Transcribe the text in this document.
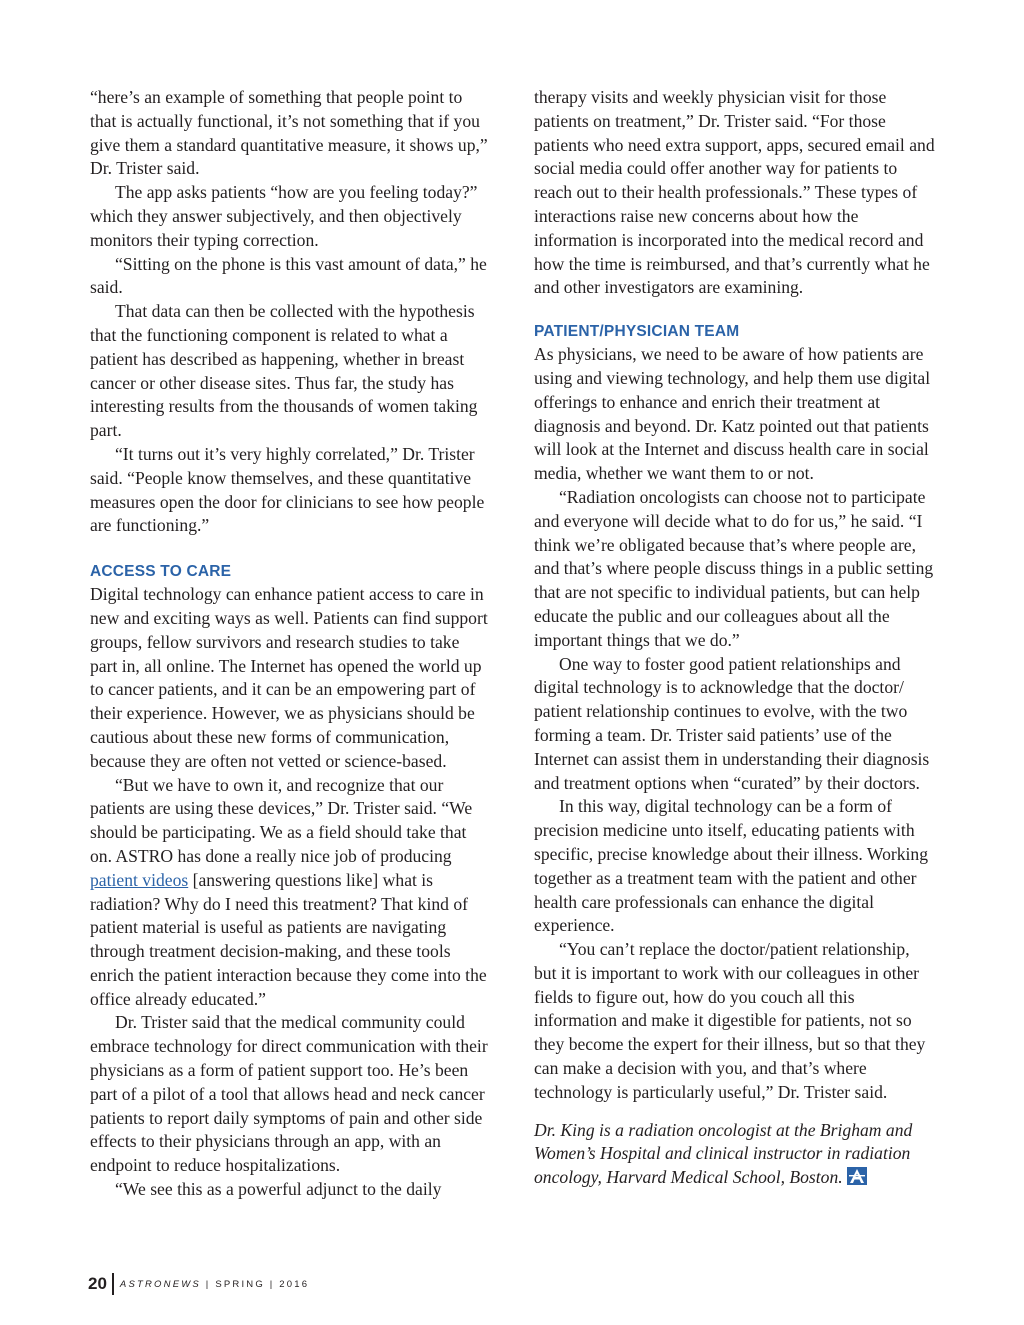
“here’s an example of something that people point to that is actually functional, it’s not something that if you give them a standard quantitative measure, it shows up,” Dr. Trister said.

The app asks patients “how are you feeling today?” which they answer subjectively, and then objectively monitors their typing correction.

“Sitting on the phone is this vast amount of data,” he said.

That data can then be collected with the hypothesis that the functioning component is related to what a patient has described as happening, whether in breast cancer or other disease sites. Thus far, the study has interesting results from the thousands of women taking part.

“It turns out it’s very highly correlated,” Dr. Trister said. “People know themselves, and these quantitative measures open the door for clinicians to see how people are functioning.”

ACCESS TO CARE

Digital technology can enhance patient access to care in new and exciting ways as well. Patients can find support groups, fellow survivors and research studies to take part in, all online. The Internet has opened the world up to cancer patients, and it can be an empowering part of their experience. However, we as physicians should be cautious about these new forms of communication, because they are often not vetted or science-based.

“But we have to own it, and recognize that our patients are using these devices,” Dr. Trister said. “We should be participating. We as a field should take that on. ASTRO has done a really nice job of producing patient videos [answering questions like] what is radiation? Why do I need this treatment? That kind of patient material is useful as patients are navigating through treatment decision-making, and these tools enrich the patient interaction because they come into the office already educated.”

Dr. Trister said that the medical community could embrace technology for direct communication with their physicians as a form of patient support too. He’s been part of a pilot of a tool that allows head and neck cancer patients to report daily symptoms of pain and other side effects to their physicians through an app, with an endpoint to reduce hospitalizations.

“We see this as a powerful adjunct to the daily

therapy visits and weekly physician visit for those patients on treatment,” Dr. Trister said. “For those patients who need extra support, apps, secured email and social media could offer another way for patients to reach out to their health professionals.” These types of interactions raise new concerns about how the information is incorporated into the medical record and how the time is reimbursed, and that’s currently what he and other investigators are examining.

PATIENT/PHYSICIAN TEAM

As physicians, we need to be aware of how patients are using and viewing technology, and help them use digital offerings to enhance and enrich their treatment at diagnosis and beyond. Dr. Katz pointed out that patients will look at the Internet and discuss health care in social media, whether we want them to or not.

“Radiation oncologists can choose not to participate and everyone will decide what to do for us,” he said. “I think we’re obligated because that’s where people are, and that’s where people discuss things in a public setting that are not specific to individual patients, but can help educate the public and our colleagues about all the important things that we do.”

One way to foster good patient relationships and digital technology is to acknowledge that the doctor/ patient relationship continues to evolve, with the two forming a team. Dr. Trister said patients’ use of the Internet can assist them in understanding their diagnosis and treatment options when “curated” by their doctors.

In this way, digital technology can be a form of precision medicine unto itself, educating patients with specific, precise knowledge about their illness. Working together as a treatment team with the patient and other health care professionals can enhance the digital experience.

“You can’t replace the doctor/patient relationship, but it is important to work with our colleagues in other fields to figure out, how do you couch all this information and make it digestible for patients, not so they become the expert for their illness, but so that they can make a decision with you, and that’s where technology is particularly useful,” Dr. Trister said.

Dr. King is a radiation oncologist at the Brigham and Women’s Hospital and clinical instructor in radiation oncology, Harvard Medical School, Boston.

20 ASTRONEWS | SPRING | 2016
